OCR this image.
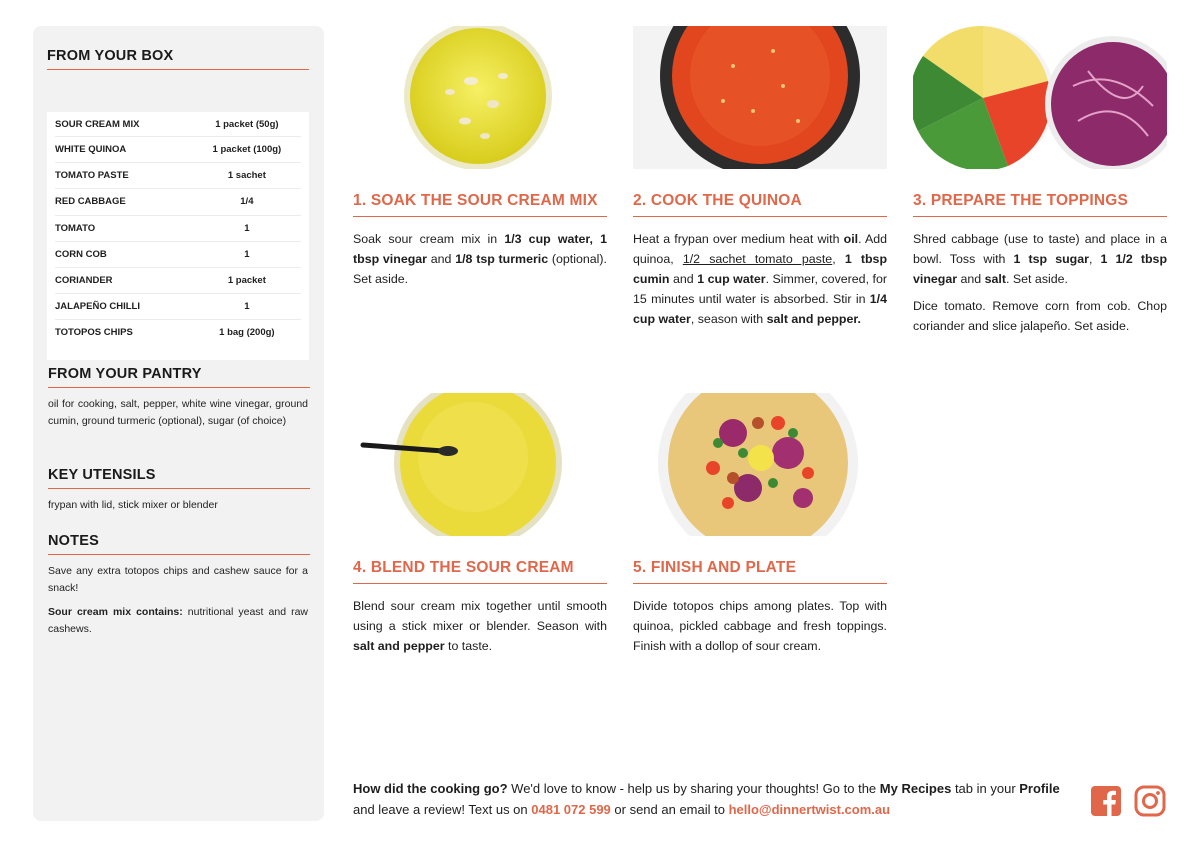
FROM YOUR BOX
SOUR CREAM MIX	1 packet (50g)
WHITE QUINOA	1 packet (100g)
TOMATO PASTE	1 sachet
RED CABBAGE	1/4
TOMATO	1
CORN COB	1
CORIANDER	1 packet
JALAPEÑO CHILLI	1
TOTOPOS CHIPS	1 bag (200g)
FROM YOUR PANTRY
oil for cooking, salt, pepper, white wine vinegar, ground cumin, ground turmeric (optional), sugar (of choice)
KEY UTENSILS
frypan with lid, stick mixer or blender
NOTES
Save any extra totopos chips and cashew sauce for a snack!
Sour cream mix contains: nutritional yeast and raw cashews.
1. SOAK THE SOUR CREAM MIX
Soak sour cream mix in 1/3 cup water, 1 tbsp vinegar and 1/8 tsp turmeric (optional). Set aside.
2. COOK THE QUINOA
Heat a frypan over medium heat with oil. Add quinoa, 1/2 sachet tomato paste, 1 tbsp cumin and 1 cup water. Simmer, covered, for 15 minutes until water is absorbed. Stir in 1/4 cup water, season with salt and pepper.
3. PREPARE THE TOPPINGS

Shred cabbage (use to taste) and place in a bowl. Toss with 1 tsp sugar, 1 1/2 tbsp vinegar and salt. Set aside.

Dice tomato. Remove corn from cob. Chop coriander and slice jalapeño. Set aside.

4. BLEND THE SOUR CREAM
Blend sour cream mix together until smooth using a stick mixer or blender. Season with salt and pepper to taste.
5. FINISH AND PLATE
Divide totopos chips among plates. Top with quinoa, pickled cabbage and fresh toppings. Finish with a dollop of sour cream.
How did the cooking go? We'd love to know - help us by sharing your thoughts! Go to the My Recipes tab in your Profile and leave a review! Text us on 0481 072 599 or send an email to hello@dinnertwist.com.au
